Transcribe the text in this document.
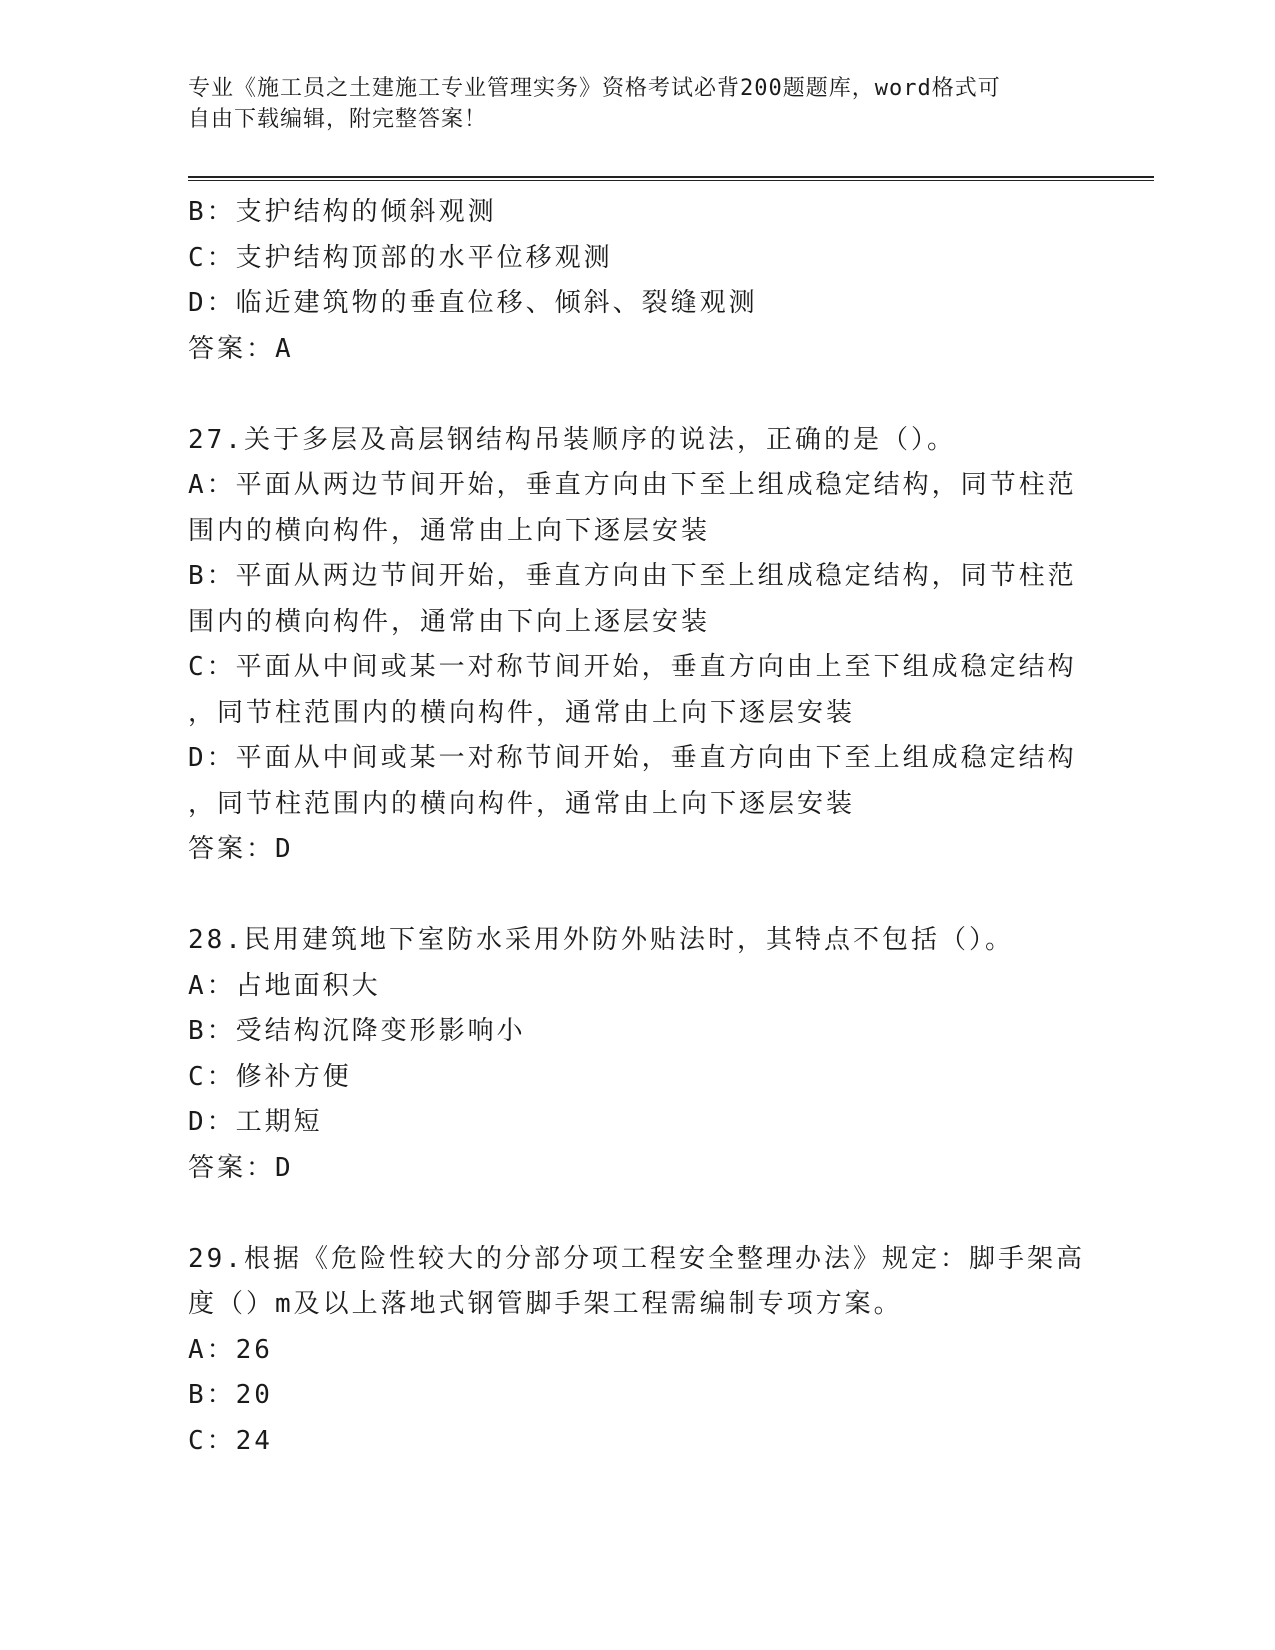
专业《施工员之土建施工专业管理实务》资格考试必背200题题库，word格式可
自由下载编辑，附完整答案！
B：支护结构的倾斜观测
C：支护结构顶部的水平位移观测
D：临近建筑物的垂直位移、倾斜、裂缝观测
答案：A
27.关于多层及高层钢结构吊装顺序的说法，正确的是（）。
A：平面从两边节间开始，垂直方向由下至上组成稳定结构，同节柱范
围内的横向构件，通常由上向下逐层安装
B：平面从两边节间开始，垂直方向由下至上组成稳定结构，同节柱范
围内的横向构件，通常由下向上逐层安装
C：平面从中间或某一对称节间开始，垂直方向由上至下组成稳定结构
，同节柱范围内的横向构件，通常由上向下逐层安装
D：平面从中间或某一对称节间开始，垂直方向由下至上组成稳定结构
，同节柱范围内的横向构件，通常由上向下逐层安装
答案：D
28.民用建筑地下室防水采用外防外贴法时，其特点不包括（）。
A：占地面积大
B：受结构沉降变形影响小
C：修补方便
D：工期短
答案：D
29.根据《危险性较大的分部分项工程安全整理办法》规定：脚手架高
度（）m及以上落地式钢管脚手架工程需编制专项方案。
A：26
B：20
C：24
